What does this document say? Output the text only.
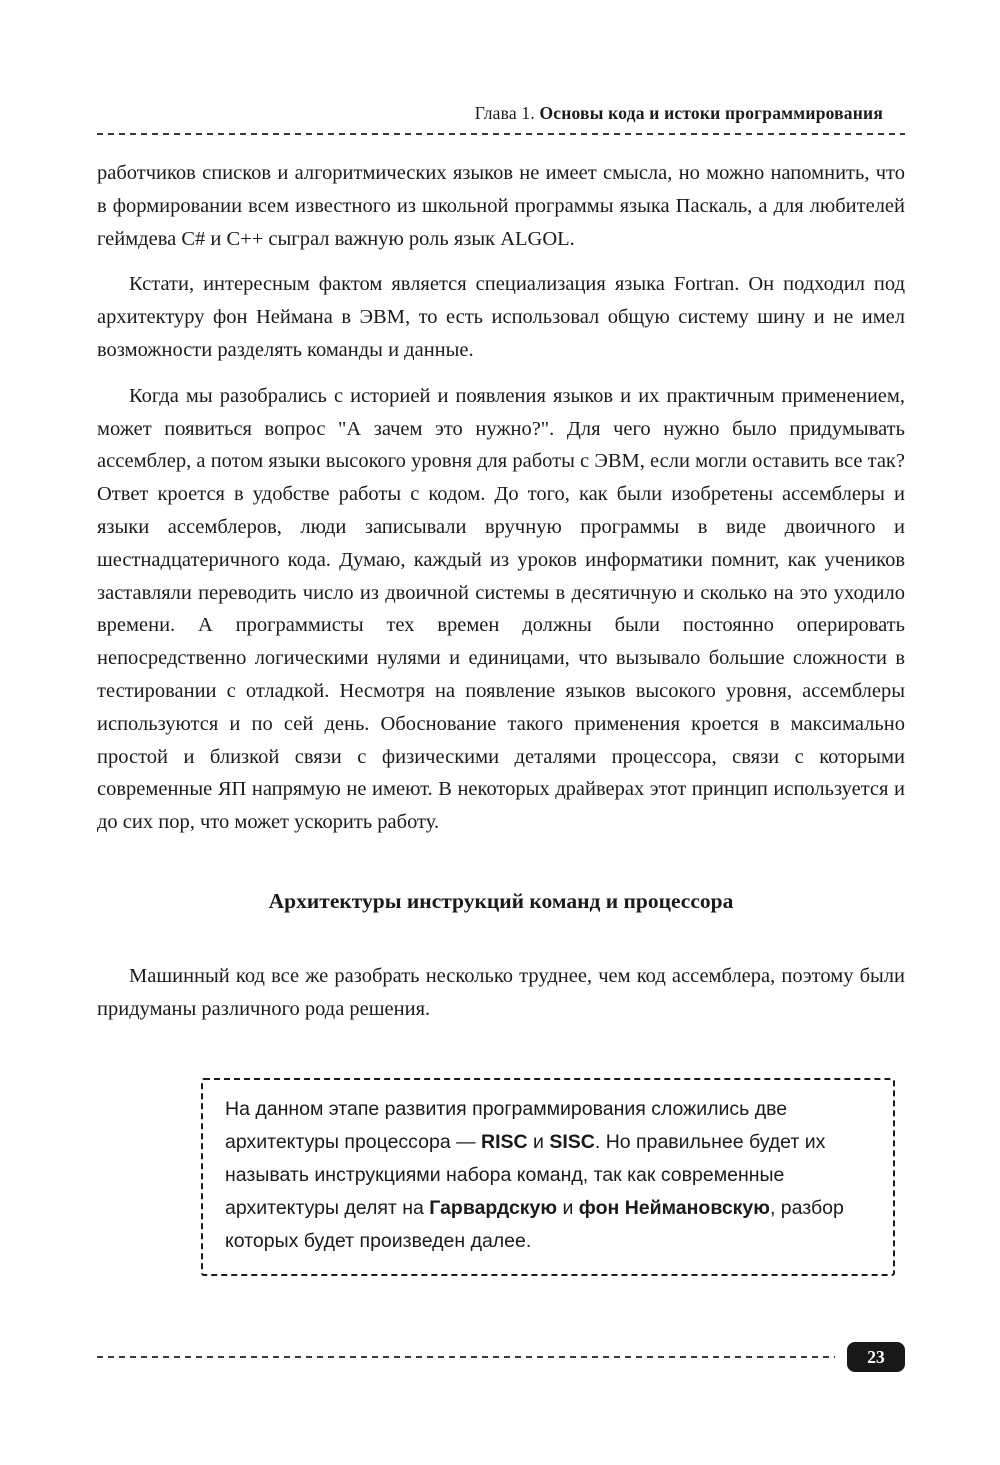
Глава 1. Основы кода и истоки программирования

работчиков списков и алгоритмических языков не имеет смысла, но можно напомнить, что в формировании всем известного из школьной программы языка Паскаль, а для любителей геймдева C# и C++ сыграл важную роль язык ALGOL.

Кстати, интересным фактом является специализация языка Fortran. Он подходил под архитектуру фон Неймана в ЭВМ, то есть использовал общую систему шину и не имел возможности разделять команды и данные.

Когда мы разобрались с историей и появления языков и их практичным применением, может появиться вопрос "А зачем это нужно?". Для чего нужно было придумывать ассемблер, а потом языки высокого уровня для работы с ЭВМ, если могли оставить все так? Ответ кроется в удобстве работы с кодом. До того, как были изобретены ассемблеры и языки ассемблеров, люди записывали вручную программы в виде двоичного и шестнадцатеричного кода. Думаю, каждый из уроков информатики помнит, как учеников заставляли переводить число из двоичной системы в десятичную и сколько на это уходило времени. А программисты тех времен должны были постоянно оперировать непосредственно логическими нулями и единицами, что вызывало большие сложности в тестировании с отладкой. Несмотря на появление языков высокого уровня, ассемблеры используются и по сей день. Обоснование такого применения кроется в максимально простой и близкой связи с физическими деталями процессора, связи с которыми современные ЯП напрямую не имеют. В некоторых драйверах этот принцип используется и до сих пор, что может ускорить работу.

Архитектуры инструкций команд и процессора

Машинный код все же разобрать несколько труднее, чем код ассемблера, поэтому были придуманы различного рода решения.

На данном этапе развития программирования сложились две архитектуры процессора — RISC и SISC. Но правильнее будет их называть инструкциями набора команд, так как современные архитектуры делят на Гарвардскую и фон Неймановскую, разбор которых будет произведен далее.

23
